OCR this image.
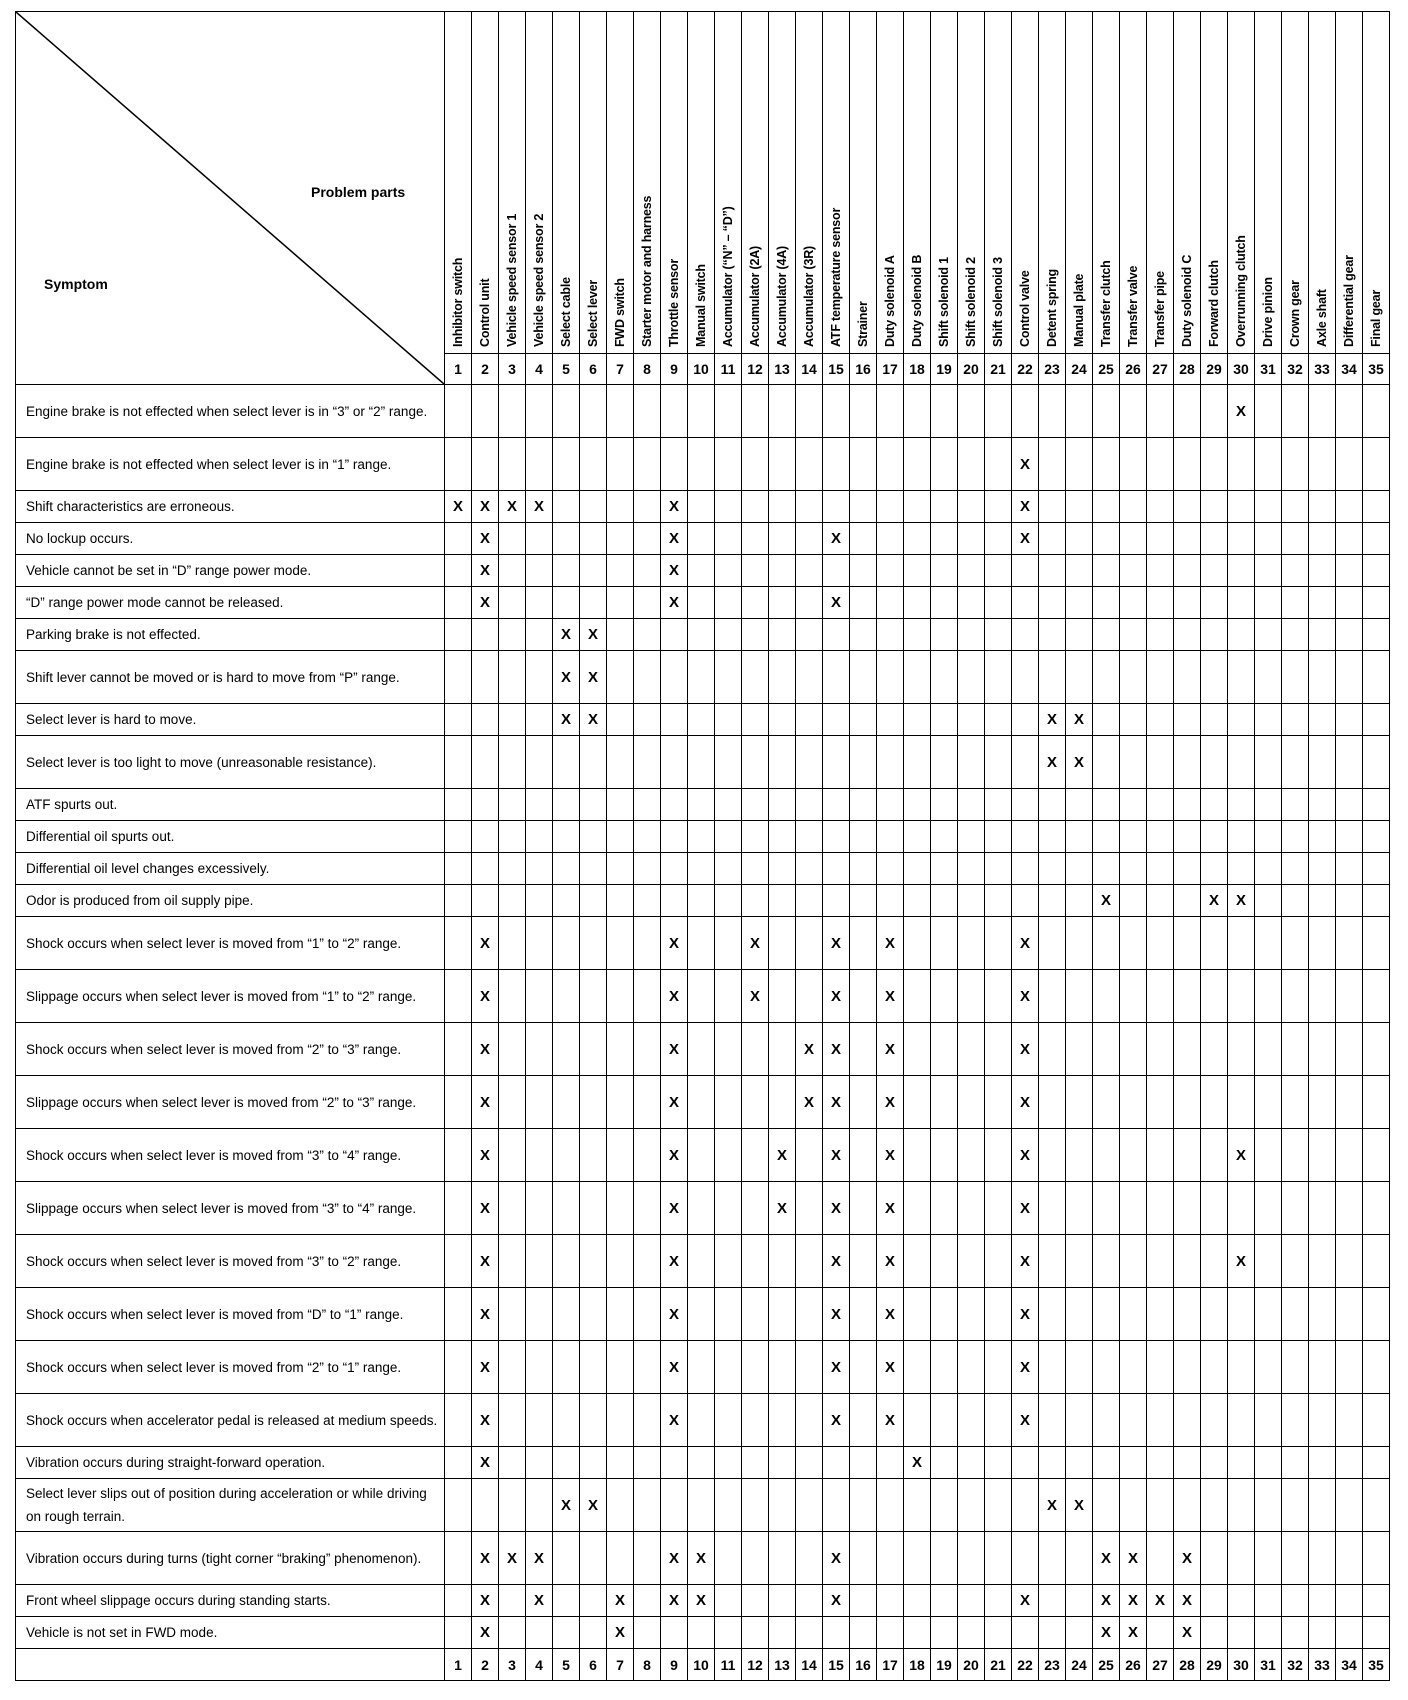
Problem parts
Symptom	Inhibitor switch	Control unit	Vehicle speed sensor 1	Vehicle speed sensor 2	Select cable	Select lever	FWD switch	Starter motor and harness	Throttle sensor	Manual switch	Accumulator (“N” – “D”)	Accumulator (2A)	Accumulator (4A)	Accumulator (3R)	ATF temperature sensor	Strainer	Duty solenoid A	Duty solenoid B	Shift solenoid 1	Shift solenoid 2	Shift solenoid 3	Control valve	Detent spring	Manual plate	Transfer clutch	Transfer valve	Transfer pipe	Duty solenoid C	Forward clutch	Overrunning clutch	Drive pinion	Crown gear	Axle shaft	Differential gear	Final gear

	1	2	3	4	5	6	7	8	9	10	11	12	13	14	15	16	17	18	19	20	21	22	23	24	25	26	27	28	29	30	31	32	33	34	35
Engine brake is not effected when select lever is in “3” or “2” range.																														X					
Engine brake is not effected when select lever is in “1” range.																						X													
Shift characteristics are erroneous.	X	X	X	X					X													X													
No lockup occurs.		X							X						X							X													
Vehicle cannot be set in “D” range power mode.		X							X																										
“D” range power mode cannot be released.		X							X						X																				
Parking brake is not effected.					X	X																													
Shift lever cannot be moved or is hard to move from “P” range.					X	X																													
Select lever is hard to move.					X	X																	X	X											
Select lever is too light to move (unreasonable resistance).																							X	X											
ATF spurts out.																																			
Differential oil spurts out.																																			
Differential oil level changes excessively.																																			
Odor is produced from oil supply pipe.																									X				X	X					
Shock occurs when select lever is moved from “1” to “2” range.		X							X			X			X		X					X													
Slippage occurs when select lever is moved from “1” to “2” range.		X							X			X			X		X					X													
Shock occurs when select lever is moved from “2” to “3” range.		X							X					X	X		X					X													
Slippage occurs when select lever is moved from “2” to “3” range.		X							X					X	X		X					X													
Shock occurs when select lever is moved from “3” to “4” range.		X							X				X		X		X					X								X					
Slippage occurs when select lever is moved from “3” to “4” range.		X							X				X		X		X					X													
Shock occurs when select lever is moved from “3” to “2” range.		X							X						X		X					X								X					
Shock occurs when select lever is moved from “D” to “1” range.		X							X						X		X					X													
Shock occurs when select lever is moved from “2” to “1” range.		X							X						X		X					X													
Shock occurs when accelerator pedal is released at medium speeds.		X							X						X		X					X													
Vibration occurs during straight-forward operation.		X																X																	
Select lever slips out of position during acceleration or while driving on rough terrain.					X	X																	X	X											
Vibration occurs during turns (tight corner “braking” phenomenon).		X	X	X					X	X					X										X	X		X							
Front wheel slippage occurs during standing starts.		X		X			X		X	X					X							X			X	X	X	X							
Vehicle is not set in FWD mode.		X					X																		X	X		X							
	1	2	3	4	5	6	7	8	9	10	11	12	13	14	15	16	17	18	19	20	21	22	23	24	25	26	27	28	29	30	31	32	33	34	35
